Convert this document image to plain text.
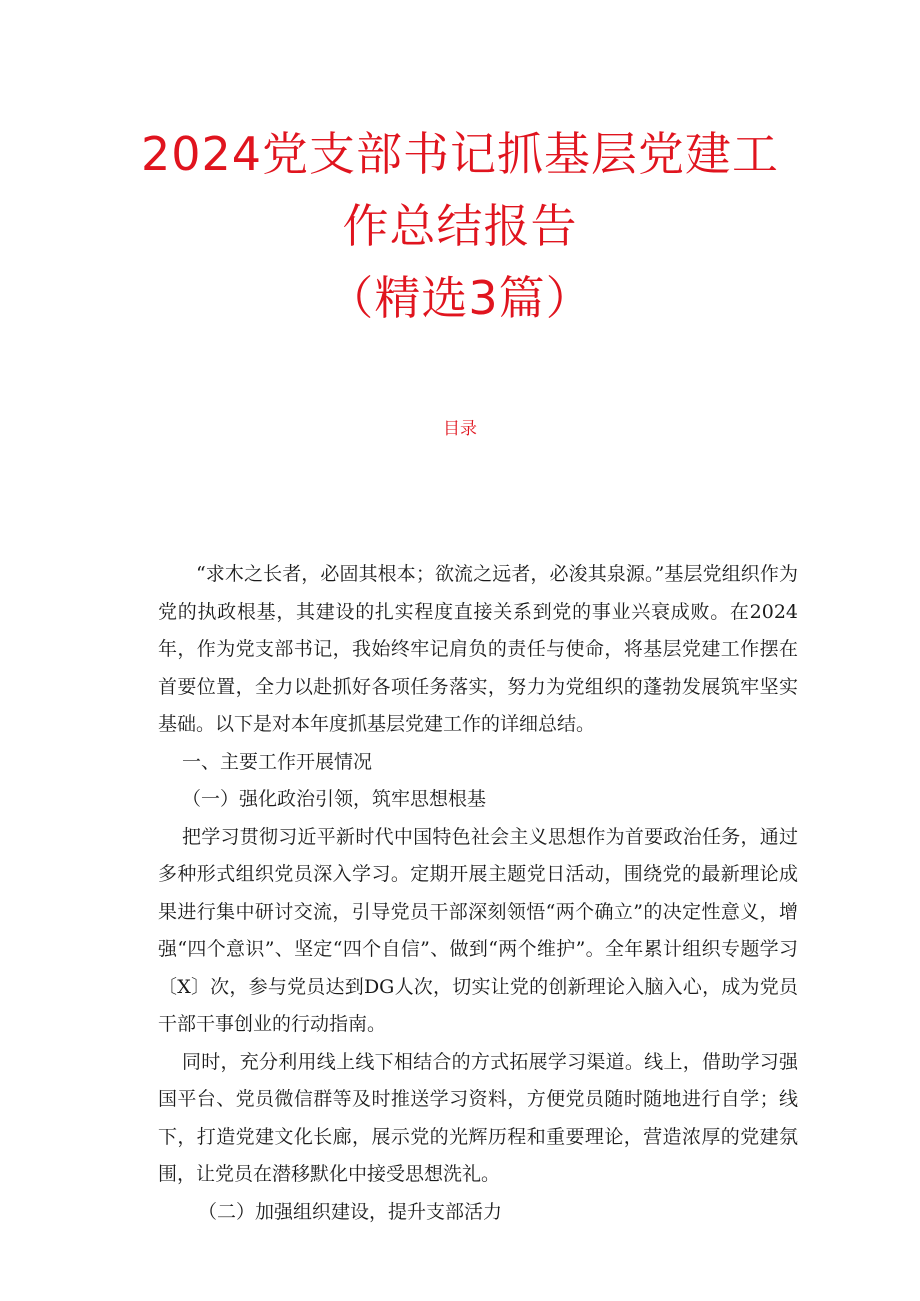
2024党支部书记抓基层党建工
作总结报告
（精选3篇）
目录

“求木之长者，必固其根本；欲流之远者，必浚其泉源。”基层党组织作为党的执政根基，其建设的扎实程度直接关系到党的事业兴衰成败。在2024年，作为党支部书记，我始终牢记肩负的责任与使命，将基层党建工作摆在首要位置，全力以赴抓好各项任务落实，努力为党组织的蓬勃发展筑牢坚实基础。以下是对本年度抓基层党建工作的详细总结。

一、主要工作开展情况

（一）强化政治引领，筑牢思想根基

把学习贯彻习近平新时代中国特色社会主义思想作为首要政治任务，通过多种形式组织党员深入学习。定期开展主题党日活动，围绕党的最新理论成果进行集中研讨交流，引导党员干部深刻领悟“两个确立”的决定性意义，增强“四个意识”、坚定“四个自信”、做到“两个维护”。全年累计组织专题学习〔X〕次，参与党员达到DG人次，切实让党的创新理论入脑入心，成为党员干部干事创业的行动指南。

同时，充分利用线上线下相结合的方式拓展学习渠道。线上，借助学习强国平台、党员微信群等及时推送学习资料，方便党员随时随地进行自学；线下，打造党建文化长廊，展示党的光辉历程和重要理论，营造浓厚的党建氛围，让党员在潜移默化中接受思想洗礼。

（二）加强组织建设，提升支部活力
